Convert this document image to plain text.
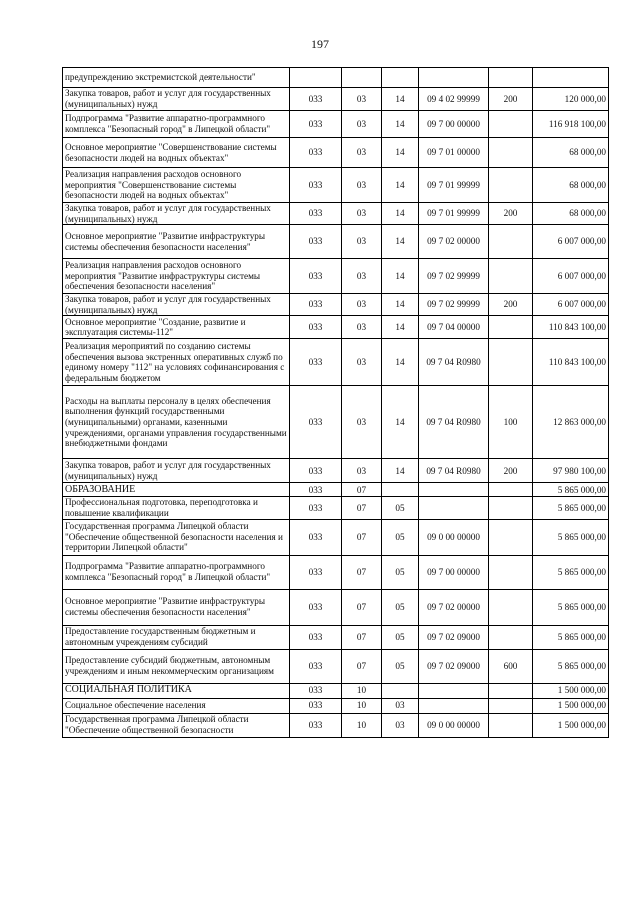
197
предупреждению экстремистской деятельности"						
Закупка товаров, работ и услуг для государственных (муниципальных) нужд	033	03	14	09 4 02 99999	200	120 000,00
Подпрограмма "Развитие аппаратно-программного комплекса "Безопасный город" в Липецкой области"	033	03	14	09 7 00 00000		116 918 100,00
Основное мероприятие "Совершенствование системы безопасности людей на водных объектах"	033	03	14	09 7 01 00000		68 000,00
Реализация направления расходов основного мероприятия "Совершенствование системы безопасности людей на водных объектах"	033	03	14	09 7 01 99999		68 000,00
Закупка товаров, работ и услуг для государственных (муниципальных) нужд	033	03	14	09 7 01 99999	200	68 000,00
Основное мероприятие "Развитие инфраструктуры системы обеспечения безопасности населения"	033	03	14	09 7 02 00000		6 007 000,00
Реализация направления расходов основного мероприятия "Развитие инфраструктуры системы обеспечения безопасности населения"	033	03	14	09 7 02 99999		6 007 000,00
Закупка товаров, работ и услуг для государственных (муниципальных) нужд	033	03	14	09 7 02 99999	200	6 007 000,00
Основное мероприятие "Создание, развитие и эксплуатация системы-112"	033	03	14	09 7 04 00000		110 843 100,00
Реализация мероприятий по созданию системы обеспечения вызова экстренных оперативных служб по единому номеру "112" на условиях софинансирования с федеральным бюджетом	033	03	14	09 7 04 R0980		110 843 100,00
Расходы на выплаты персоналу в целях обеспечения выполнения функций государственными (муниципальными) органами, казенными учреждениями, органами управления государственными внебюджетными фондами	033	03	14	09 7 04 R0980	100	12 863 000,00
Закупка товаров, работ и услуг для государственных (муниципальных) нужд	033	03	14	09 7 04 R0980	200	97 980 100,00
ОБРАЗОВАНИЕ	033	07				5 865 000,00
Профессиональная подготовка, переподготовка и повышение квалификации	033	07	05			5 865 000,00
Государственная программа Липецкой области "Обеспечение общественной безопасности населения и территории Липецкой области"	033	07	05	09 0 00 00000		5 865 000,00
Подпрограмма "Развитие аппаратно-программного комплекса "Безопасный город" в Липецкой области"	033	07	05	09 7 00 00000		5 865 000,00
Основное мероприятие "Развитие инфраструктуры системы обеспечения безопасности населения"	033	07	05	09 7 02 00000		5 865 000,00
Предоставление государственным бюджетным и автономным учреждениям субсидий	033	07	05	09 7 02 09000		5 865 000,00
Предоставление субсидий бюджетным, автономным учреждениям и иным некоммерческим организациям	033	07	05	09 7 02 09000	600	5 865 000,00
СОЦИАЛЬНАЯ ПОЛИТИКА	033	10				1 500 000,00
Социальное обеспечение населения	033	10	03			1 500 000,00
Государственная программа Липецкой области "Обеспечение общественной безопасности	033	10	03	09 0 00 00000		1 500 000,00
